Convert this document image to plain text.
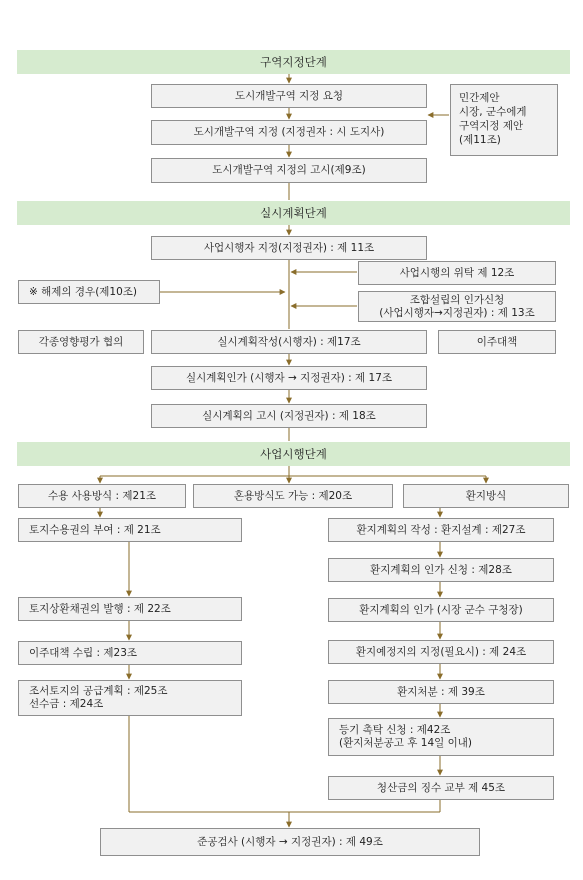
구역지정단계
실시계획단계
사업시행단계
도시개발구역 지정 요청
도시개발구역 지정 (지정권자 : 시 도지사)
도시개발구역 지정의 고시(제9조)
민간제안
시장, 군수에게
구역지정 제안
(제11조)
사업시행자 지정(지정권자) : 제 11조
사업시행의 위탁 제 12조
※ 해제의 경우(제10조)
조합설립의 인가신청
(사업시행자→지정권자) : 제 13조
각종영향평가 협의	실시계획작성(시행자) : 제17조	이주대책
실시계획인가 (시행자 → 지정권자) : 제 17조
실시계획의 고시 (지정권자) : 제 18조
수용 사용방식 : 제21조	혼용방식도 가능 : 제20조	환지방식
토지수용권의 부여 : 제 21조
토지상환채권의 발행 : 제 22조
이주대책 수립 : 제23조
조서토지의 공급계획 : 제25조
선수금 : 제24조
환지계획의 작성 : 환지설계 : 제27조
환지계획의 인가 신청 : 제28조
환지계획의 인가 (시장 군수 구청장)
환지예정지의 지정(필요시) : 제 24조
환지처분 : 제 39조
등기 촉탁 신청 : 제42조
(환지처분공고 후 14일 이내)
청산금의 징수 교부 제 45조
준공검사 (시행자 → 지정권자) : 제 49조
